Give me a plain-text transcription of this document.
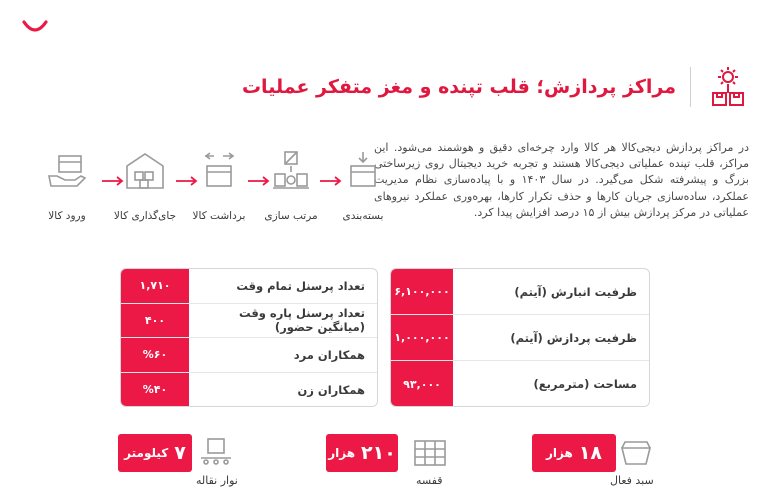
مراکز پردازش؛ قلب تپنده و مغز متفکر عملیات

در مراکز پردازش دیجی‌کالا هر کالا وارد چرخه‌ای دقیق و هوشمند می‌شود. این مراکز، قلب تپنده عملیاتی دیجی‌کالا هستند و تجربه خرید دیجیتال روی زیرساختی بزرگ و پیشرفته شکل می‌گیرد. در سال ۱۴۰۳ و با پیاده‌سازی نظام مدیریت عملکرد، ساده‌سازی جریان کارها و حذف تکرار کارها، بهره‌وری عملکرد نیروهای عملیاتی در مرکز پردازش بیش از ۱۵ درصد افزایش پیدا کرد.

ورود کالا	جای‌گذاری کالا	برداشت کالا	مرتب سازی	بسته‌بندی
تعداد پرسنل تمام وقت
۱,۷۱۰
تعداد پرسنل پاره وقت (میانگین حضور)
۴۰۰
همکاران مرد
%۶۰
همکاران زن
%۴۰
ظرفیت انبارش (آیتم)
۶,۱۰۰,۰۰۰
ظرفیت پردازش (آیتم)
۱,۰۰۰,۰۰۰
مساحت (مترمربع)
۹۳,۰۰۰
۱۸
هزار
سبد فعال
۲۱۰
هزار
قفسه
۷
کیلومتر
نوار نقاله
